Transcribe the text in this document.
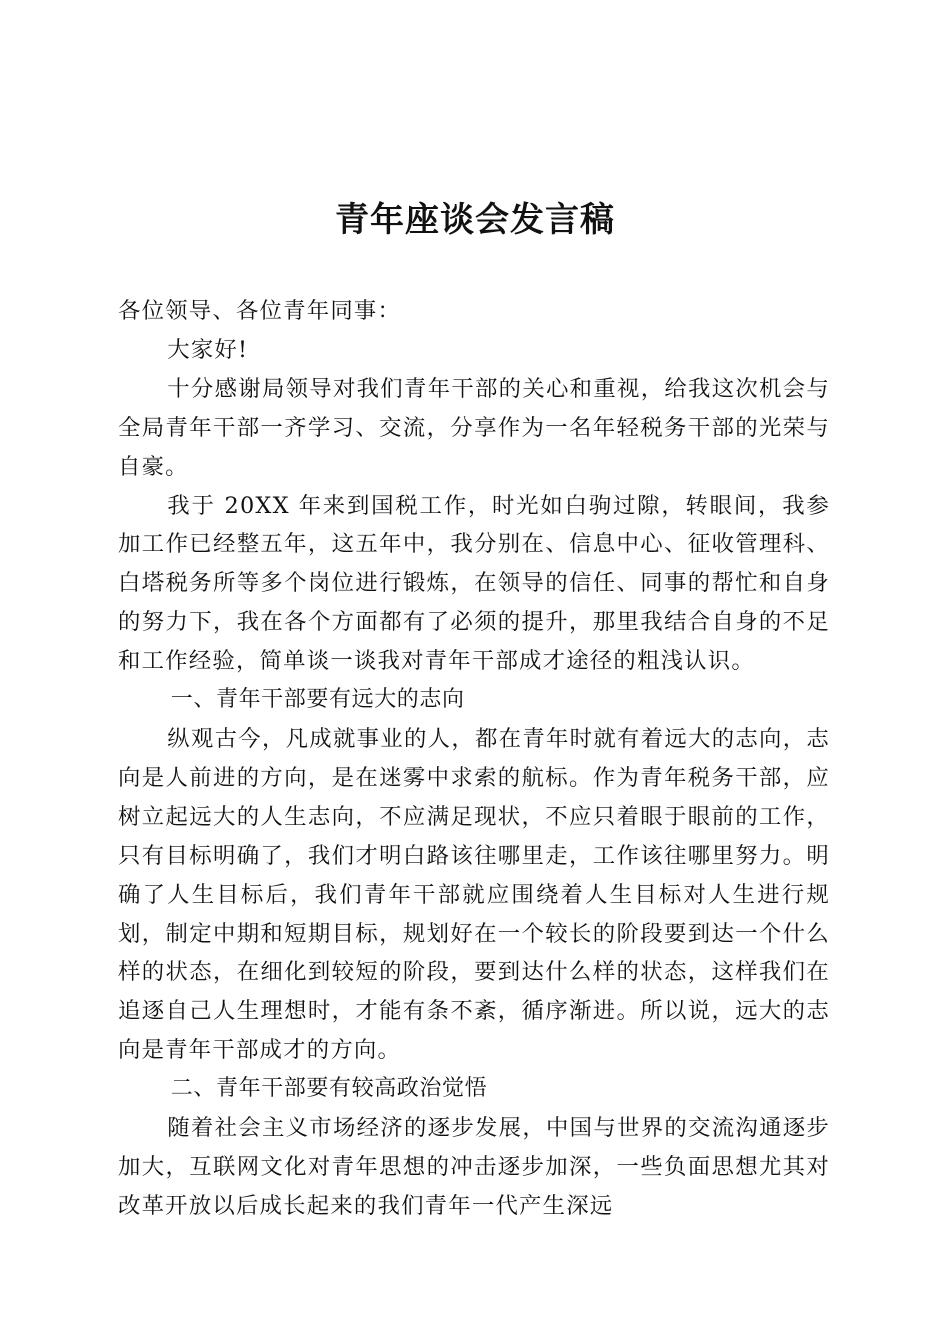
青年座谈会发言稿

各位领导、各位青年同事：

大家好!

十分感谢局领导对我们青年干部的关心和重视，给我这次机会与全局青年干部一齐学习、交流，分享作为一名年轻税务干部的光荣与自豪。

我于 20XX 年来到国税工作，时光如白驹过隙，转眼间，我参加工作已经整五年，这五年中，我分别在、信息中心、征收管理科、白塔税务所等多个岗位进行锻炼，在领导的信任、同事的帮忙和自身的努力下，我在各个方面都有了必须的提升，那里我结合自身的不足和工作经验，简单谈一谈我对青年干部成才途径的粗浅认识。

一、青年干部要有远大的志向

纵观古今，凡成就事业的人，都在青年时就有着远大的志向，志向是人前进的方向，是在迷雾中求索的航标。作为青年税务干部，应树立起远大的人生志向，不应满足现状，不应只着眼于眼前的工作，只有目标明确了，我们才明白路该往哪里走，工作该往哪里努力。明确了人生目标后，我们青年干部就应围绕着人生目标对人生进行规划，制定中期和短期目标，规划好在一个较长的阶段要到达一个什么样的状态，在细化到较短的阶段，要到达什么样的状态，这样我们在追逐自己人生理想时，才能有条不紊，循序渐进。所以说，远大的志向是青年干部成才的方向。

二、青年干部要有较高政治觉悟

随着社会主义市场经济的逐步发展，中国与世界的交流沟通逐步加大，互联网文化对青年思想的冲击逐步加深，一些负面思想尤其对改革开放以后成长起来的我们青年一代产生深远
